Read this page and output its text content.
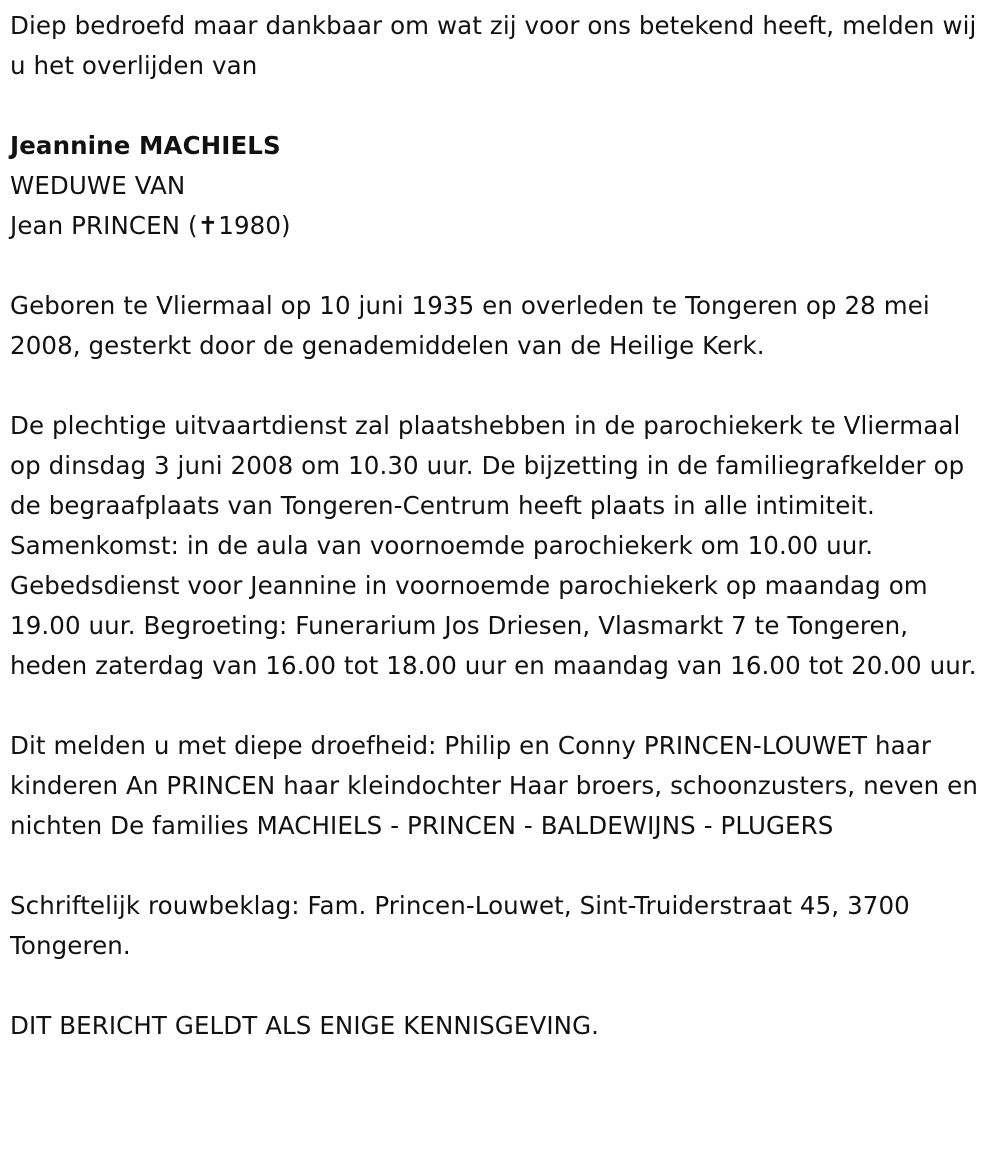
Diep bedroefd maar dankbaar om wat zij voor ons betekend heeft, melden wij u het overlijden van

Jeannine MACHIELS

WEDUWE VAN

Jean PRINCEN (✝1980)

Geboren te Vliermaal op 10 juni 1935 en overleden te Tongeren op 28 mei 2008, gesterkt door de genademiddelen van de Heilige Kerk.

De plechtige uitvaartdienst zal plaatshebben in de parochiekerk te Vliermaal op dinsdag 3 juni 2008 om 10.30 uur. De bijzetting in de familiegrafkelder op de begraafplaats van Tongeren-Centrum heeft plaats in alle intimiteit. Samenkomst: in de aula van voornoemde parochiekerk om 10.00 uur. Gebedsdienst voor Jeannine in voornoemde parochiekerk op maandag om 19.00 uur. Begroeting: Funerarium Jos Driesen, Vlasmarkt 7 te Tongeren, heden zaterdag van 16.00 tot 18.00 uur en maandag van 16.00 tot 20.00 uur.

Dit melden u met diepe droefheid: Philip en Conny PRINCEN-LOUWET haar kinderen An PRINCEN haar kleindochter Haar broers, schoonzusters, neven en nichten De families MACHIELS - PRINCEN - BALDEWIJNS - PLUGERS

Schriftelijk rouwbeklag: Fam. Princen-Louwet, Sint-Truiderstraat 45, 3700 Tongeren.

DIT BERICHT GELDT ALS ENIGE KENNISGEVING.
